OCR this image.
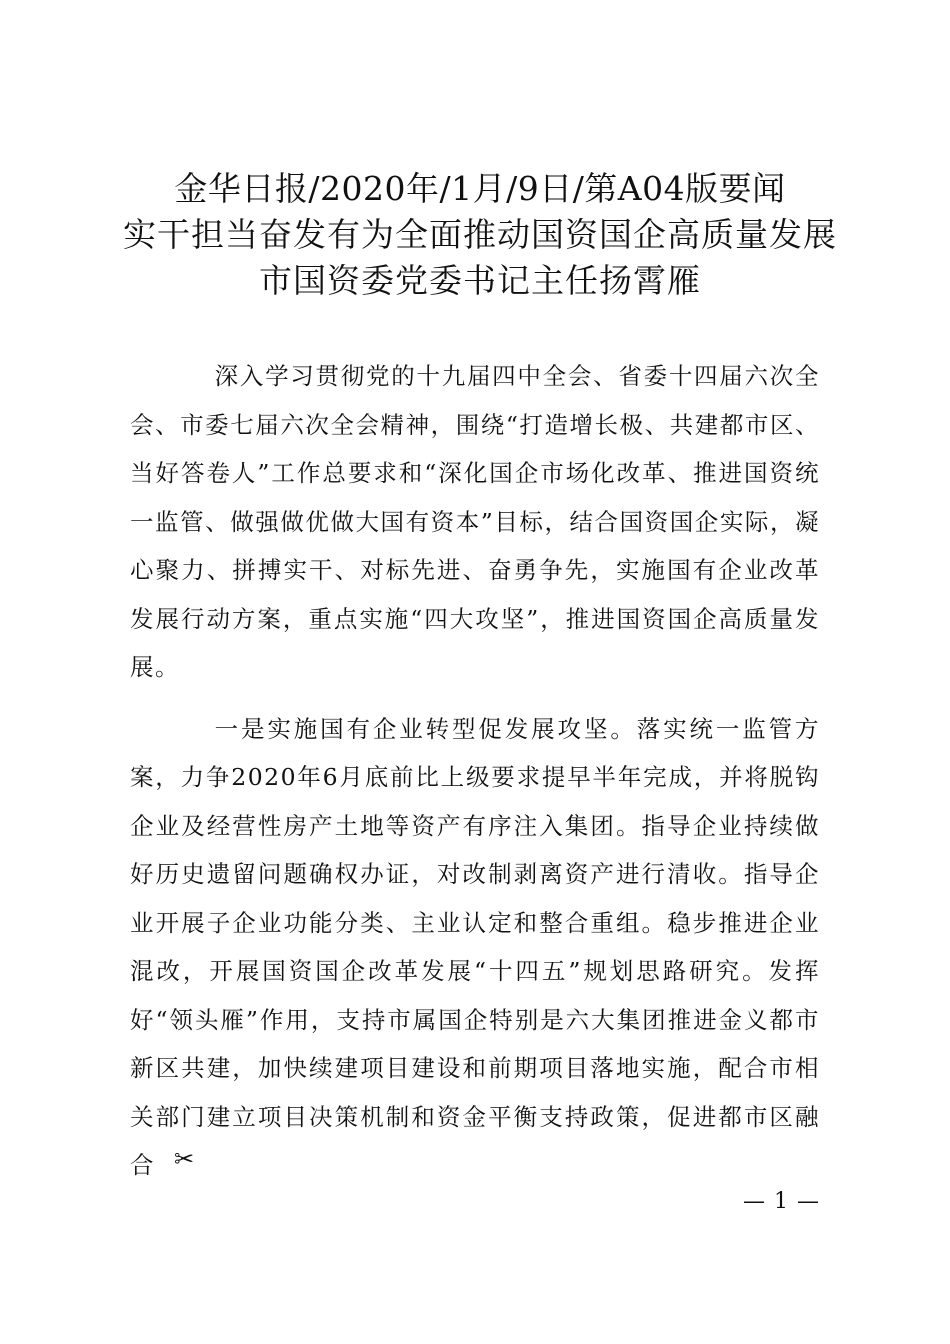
金华日报/2020年/1月/9日/第A04版要闻
实干担当奋发有为全面推动国资国企高质量发展
市国资委党委书记主任扬霄雁

深入学习贯彻党的十九届四中全会、省委十四届六次全会、市委七届六次全会精神，围绕“打造增长极、共建都市区、当好答卷人”工作总要求和“深化国企市场化改革、推进国资统一监管、做强做优做大国有资本”目标，结合国资国企实际，凝心聚力、拼搏实干、对标先进、奋勇争先，实施国有企业改革发展行动方案，重点实施“四大攻坚”，推进国资国企高质量发展。

一是实施国有企业转型促发展攻坚。落实统一监管方案，力争2020年6月底前比上级要求提早半年完成，并将脱钩企业及经营性房产土地等资产有序注入集团。指导企业持续做好历史遗留问题确权办证，对改制剥离资产进行清收。指导企业开展子企业功能分类、主业认定和整合重组。稳步推进企业混改，开展国资国企改革发展“十四五”规划思路研究。发挥好“领头雁”作用，支持市属国企特别是六大集团推进金义都市新区共建，加快续建项目建设和前期项目落地实施，配合市相关部门建立项目决策机制和资金平衡支持政策，促进都市区融合 ✂
— 1 —
